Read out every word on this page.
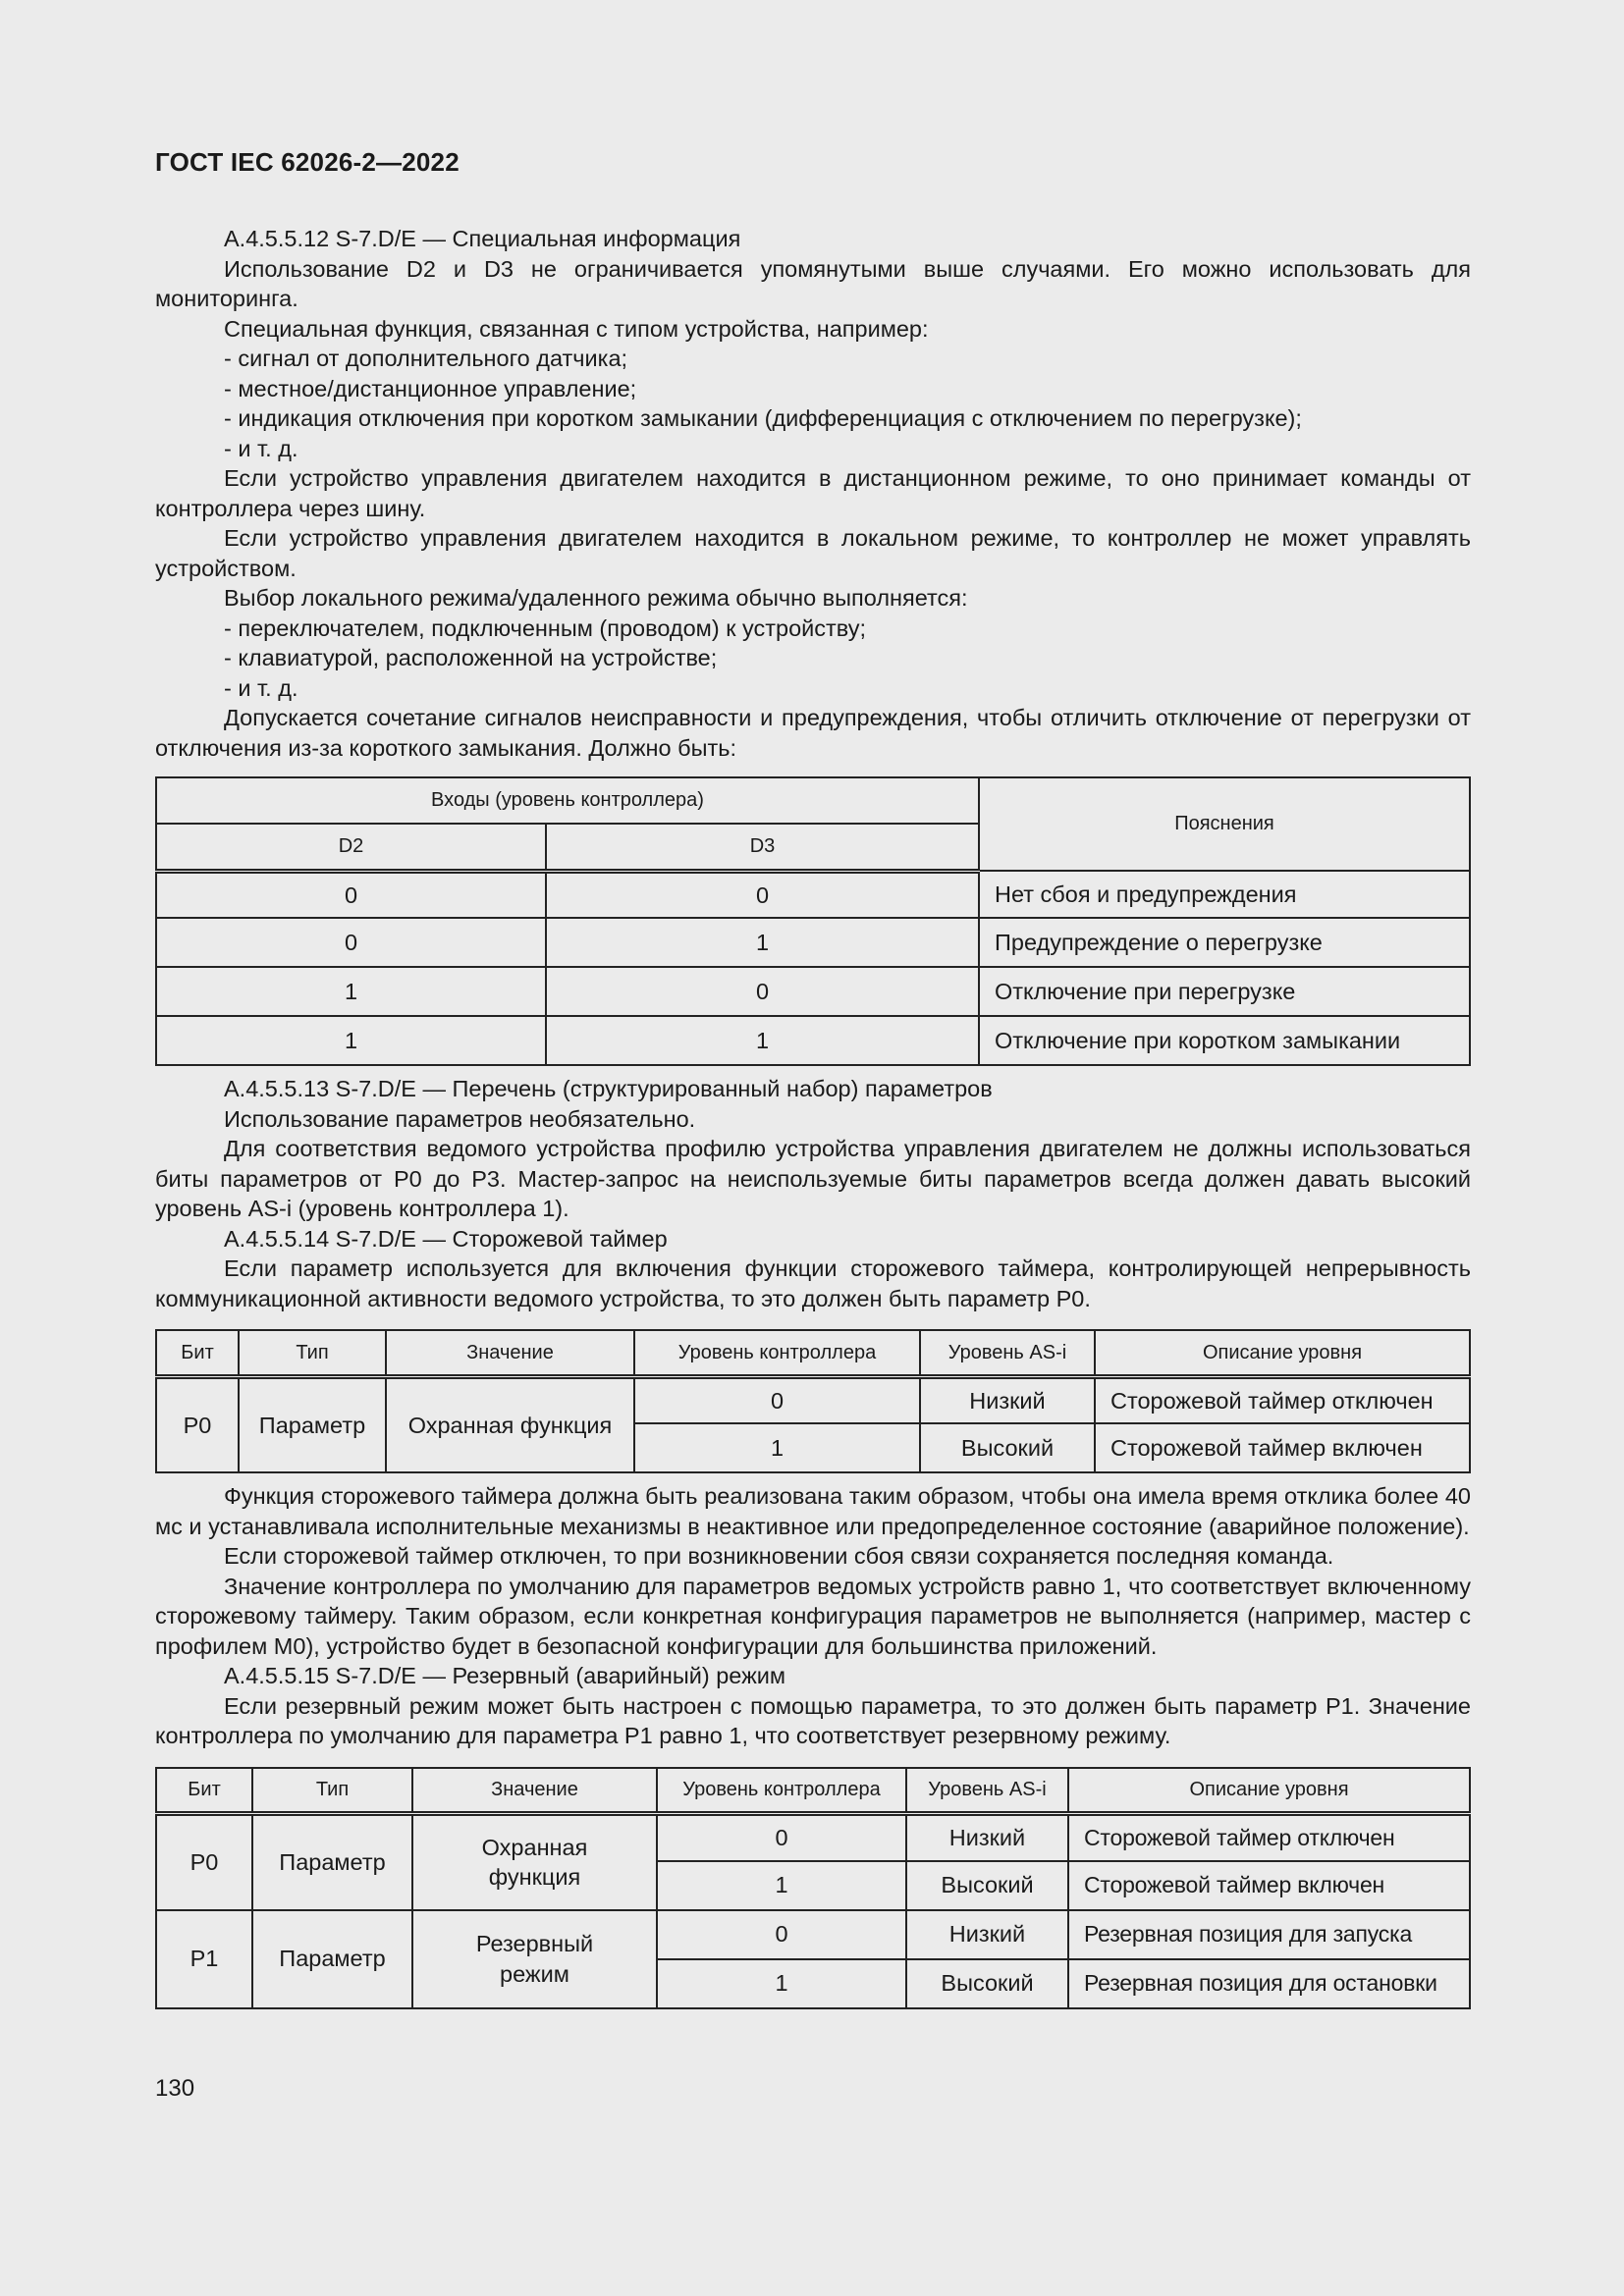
ГОСТ IEC 62026-2—2022

A.4.5.5.12 S-7.D/E — Специальная информация

Использование D2 и D3 не ограничивается упомянутыми выше случаями. Его можно использовать для мониторинга.

Специальная функция, связанная с типом устройства, например:

- сигнал от дополнительного датчика;

- местное/дистанционное управление;

- индикация отключения при коротком замыкании (дифференциация с отключением по перегрузке);

- и т. д.

Если устройство управления двигателем находится в дистанционном режиме, то оно принимает команды от контроллера через шину.

Если устройство управления двигателем находится в локальном режиме, то контроллер не может управлять устройством.

Выбор локального режима/удаленного режима обычно выполняется:

- переключателем, подключенным (проводом) к устройству;

- клавиатурой, расположенной на устройстве;

- и т. д.

Допускается сочетание сигналов неисправности и предупреждения, чтобы отличить отключение от перегрузки от отключения из-за короткого замыкания. Должно быть:

Входы (уровень контроллера)		Пояснения
D2	D3	
0	0	Нет сбоя и предупреждения
0	1	Предупреждение о перегрузке
1	0	Отключение при перегрузке
1	1	Отключение при коротком замыкании

A.4.5.5.13 S-7.D/E — Перечень (структурированный набор) параметров

Использование параметров необязательно.

Для соответствия ведомого устройства профилю устройства управления двигателем не должны использоваться биты параметров от P0 до P3. Мастер-запрос на неиспользуемые биты параметров всегда должен давать высокий уровень AS-i (уровень контроллера 1).

A.4.5.5.14 S-7.D/E — Сторожевой таймер

Если параметр используется для включения функции сторожевого таймера, контролирующей непрерывность коммуникационной активности ведомого устройства, то это должен быть параметр P0.

Бит	Тип	Значение	Уровень контроллера	Уровень AS-i	Описание уровня
P0	Параметр	Охранная функция	0	Низкий	Сторожевой таймер отключен
			1	Высокий	Сторожевой таймер включен

Функция сторожевого таймера должна быть реализована таким образом, чтобы она имела время отклика более 40 мс и устанавливала исполнительные механизмы в неактивное или предопределенное состояние (аварийное положение).

Если сторожевой таймер отключен, то при возникновении сбоя связи сохраняется последняя команда.

Значение контроллера по умолчанию для параметров ведомых устройств равно 1, что соответствует включенному сторожевому таймеру. Таким образом, если конкретная конфигурация параметров не выполняется (например, мастер с профилем M0), устройство будет в безопасной конфигурации для большинства приложений.

A.4.5.5.15 S-7.D/E — Резервный (аварийный) режим

Если резервный режим может быть настроен с помощью параметра, то это должен быть параметр P1. Значение контроллера по умолчанию для параметра P1 равно 1, что соответствует резервному режиму.

Бит	Тип	Значение	Уровень контроллера	Уровень AS-i	Описание уровня
P0	Параметр	Охранная функция	0	Низкий	Сторожевой таймер отключен
			1	Высокий	Сторожевой таймер включен
P1	Параметр	Резервный режим	0	Низкий	Резервная позиция для запуска
			1	Высокий	Резервная позиция для остановки
130
